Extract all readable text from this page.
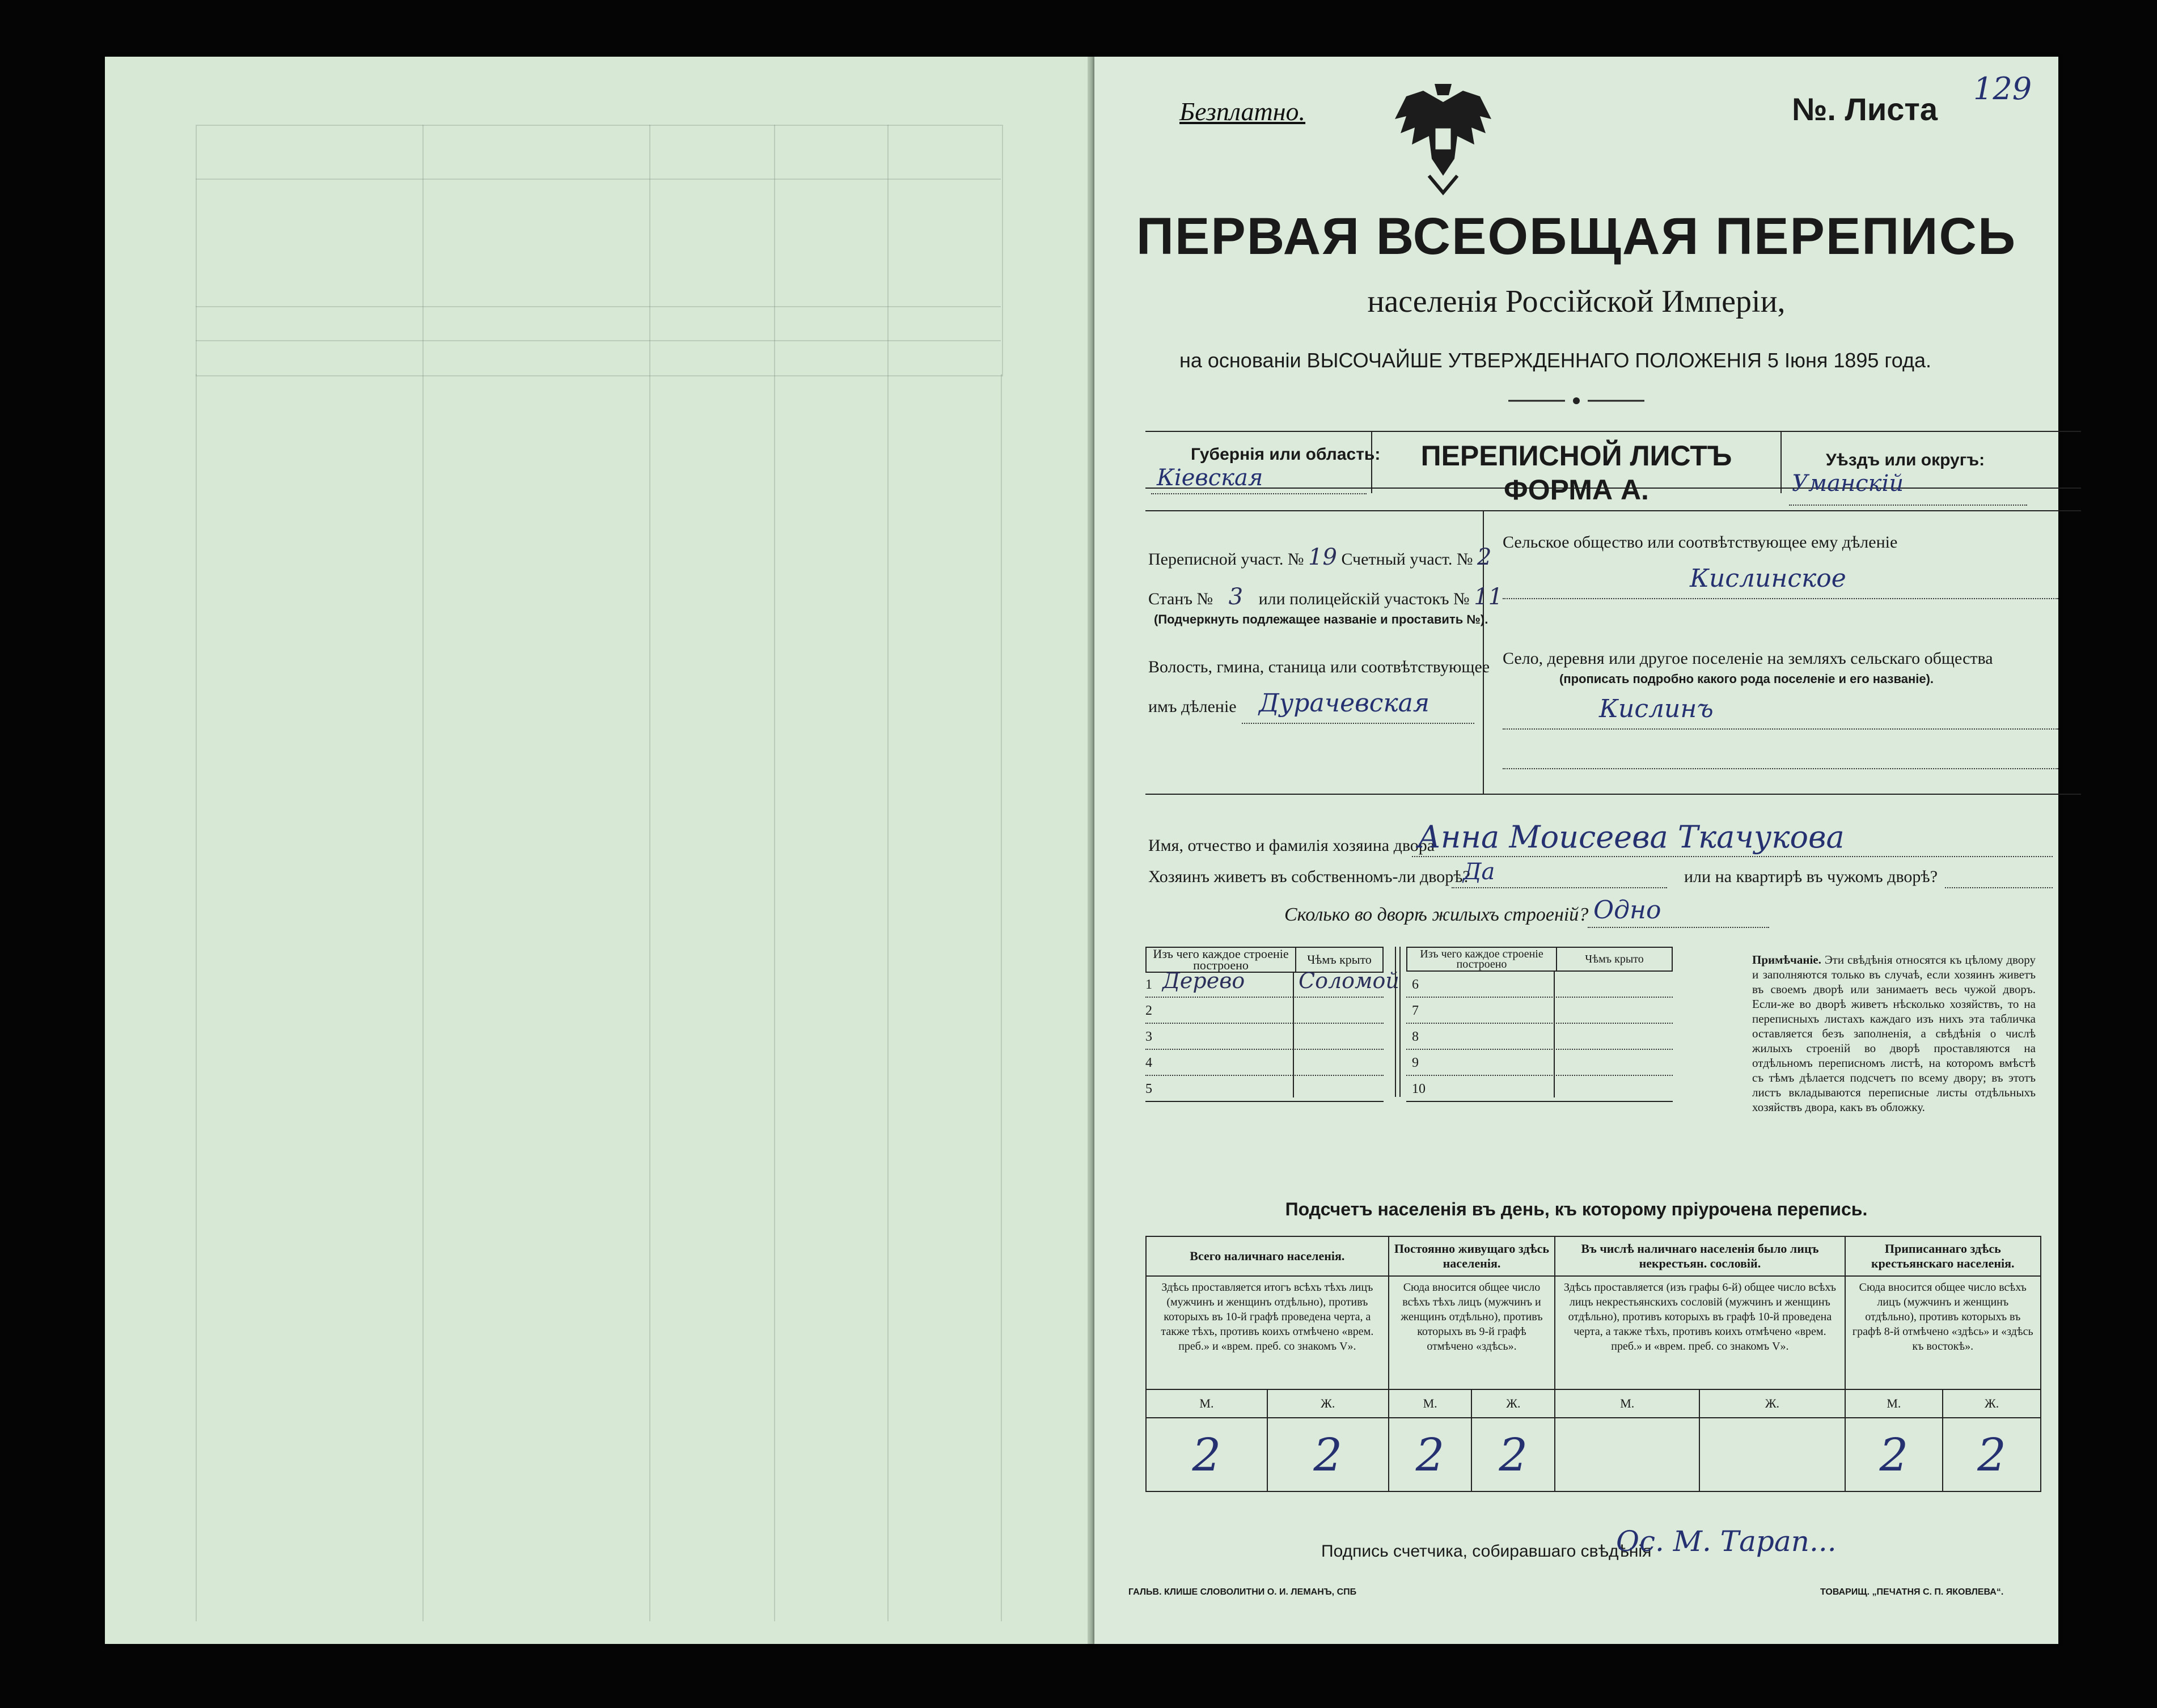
Безплатно.	№. Листа
129
ПЕРВАЯ ВСЕОБЩАЯ ПЕРЕПИСЬ
населенія Россійской Имперіи,
на основаніи ВЫСОЧАЙШЕ УТВЕРЖДЕННАГО ПОЛОЖЕНІЯ 5 Іюня 1895 года.
Губернія или область:
Кіевская
ПЕРЕПИСНОЙ ЛИСТЪ
ФОРМА А.
Уѣздъ или округъ:
Уманскій
Переписной участ. № 19 Счетный участ. № 2
Станъ № 3 или полицейскій участокъ № 11
(Подчеркнуть подлежащее названіе и проставить №).
Волость, гмина, станица или соотвѣтствующее
имъ дѣленіе Дурачевская
Сельское общество или соотвѣтствующее ему дѣленіе
Кислинское
Село, деревня или другое поселеніе на земляхъ сельскаго общества
(прописать подробно какого рода поселеніе и его названіе).
Кислинъ
Имя, отчество и фамилія хозяина двора
Анна Моисеева Ткачукова
Хозяинъ живетъ въ собственномъ-ли дворѣ?
Да	или на квартирѣ въ чужомъ дворѣ?
Сколько во дворѣ жилыхъ строеній? Одно
Изъ чего каждое строеніе построено	Чѣмъ крыто
1 Дерево Соломой
2
3
4
5
Изъ чего каждое строеніе построено	Чѣмъ крыто
6
7
8
9
10
Примѣчаніе. Эти свѣдѣнія относятся къ цѣлому двору и заполняются только въ случаѣ, если хозяинъ живетъ въ своемъ дворѣ или занимаетъ весь чужой дворъ. Если-же во дворѣ живетъ нѣсколько хозяйствъ, то на переписныхъ листахъ каждаго изъ нихъ эта табличка оставляется безъ заполненія, а свѣдѣнія о числѣ жилыхъ строеній во дворѣ проставляются на отдѣльномъ переписномъ листѣ, на которомъ вмѣстѣ съ тѣмъ дѣлается подсчетъ по всему двору; въ этотъ листъ вкладываются переписные листы отдѣльныхъ хозяйствъ двора, какъ въ обложку.
Подсчетъ населенія въ день, къ которому пріурочена перепись.
Всего наличнаго населенія.		Постоянно живущаго здѣсь населенія.		Въ числѣ наличнаго населенія было лицъ некрестьян. сословій.		Приписаннаго здѣсь крестьянскаго населенія.	
Здѣсь проставляется итогъ всѣхъ тѣхъ лицъ (мужчинъ и женщинъ отдѣльно), противъ которыхъ въ 10-й графѣ проведена черта, а также тѣхъ, противъ коихъ отмѣчено «врем. преб.» и «врем. преб. со знакомъ V».		Сюда вносится общее число всѣхъ тѣхъ лицъ (мужчинъ и женщинъ отдѣльно), противъ которыхъ въ 9-й графѣ отмѣчено «здѣсь».		Здѣсь проставляется (изъ графы 6-й) общее число всѣхъ лицъ некрестьянскихъ сословій (мужчинъ и женщинъ отдѣльно), противъ которыхъ въ графѣ 10-й проведена черта, а также тѣхъ, противъ коихъ отмѣчено «врем. преб.» и «врем. преб. со знакомъ V».		Сюда вносится общее число всѣхъ лицъ (мужчинъ и женщинъ отдѣльно), противъ которыхъ въ графѣ 8-й отмѣчено «здѣсь» и «здѣсь къ востокѣ».	
М.	Ж.	М.	Ж.	М.	Ж.	М.	Ж.
2	2	2	2			2	2
Подпись счетчика, собиравшаго свѣдѣнія
Ос. М. Тарап...
ГАЛЬВ. КЛИШЕ СЛОВОЛИТНИ О. И. ЛЕМАНЪ, СПБ	ТОВАРИЩ. „ПЕЧАТНЯ С. П. ЯКОВЛЕВА“.
